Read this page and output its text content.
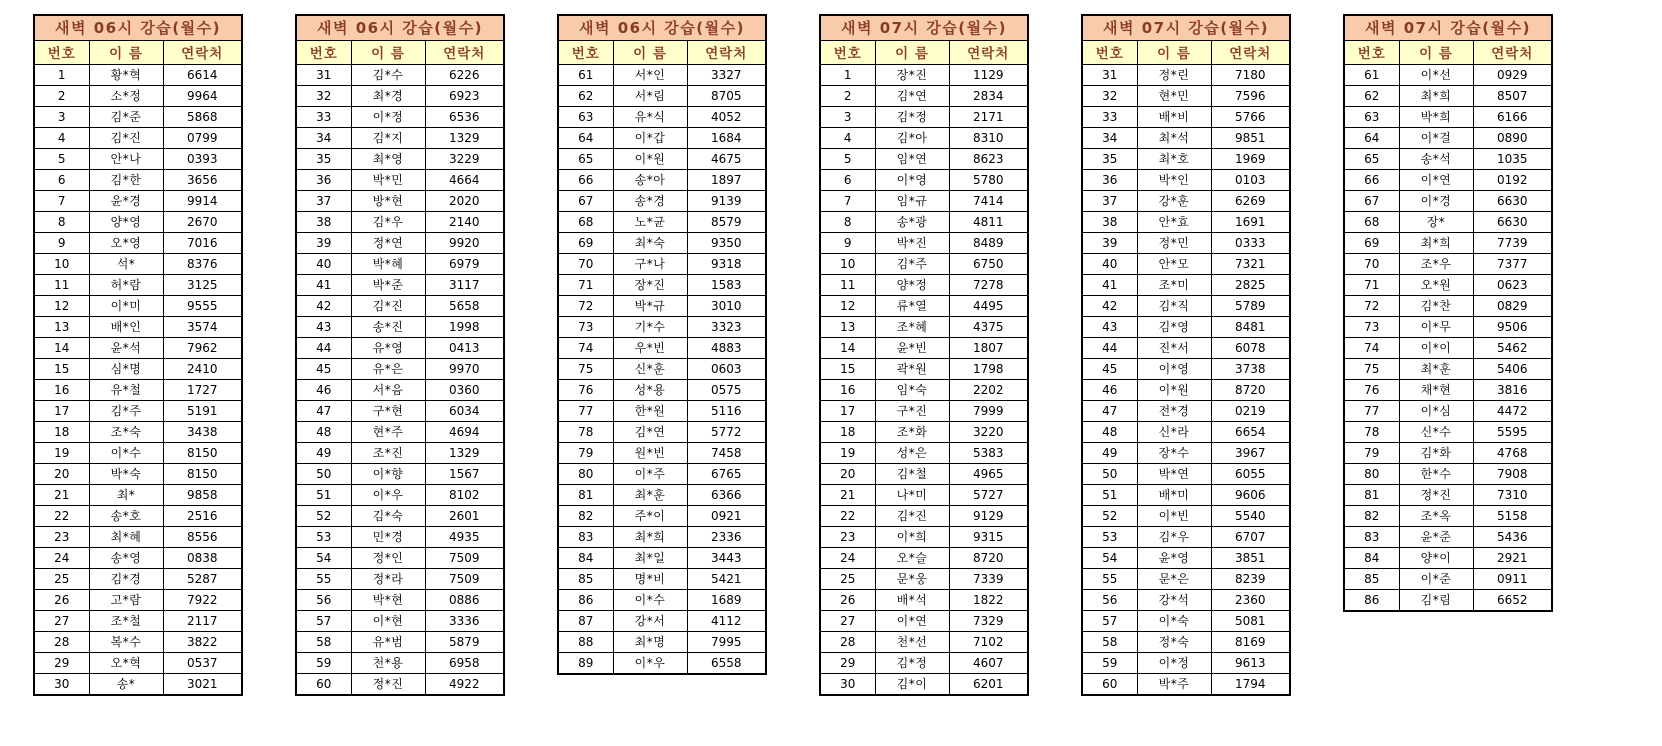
새벽 06시 강습(월수)		
번호	이 름	연락처
1	황*혁	6614
2	소*정	9964
3	김*준	5868
4	김*진	0799
5	안*나	0393
6	김*한	3656
7	윤*경	9914
8	양*영	2670
9	오*영	7016
10	석*	8376
11	허*람	3125
12	이*미	9555
13	배*인	3574
14	윤*석	7962
15	심*명	2410
16	유*철	1727
17	김*주	5191
18	조*숙	3438
19	이*수	8150
20	박*숙	8150
21	최*	9858
22	송*호	2516
23	최*혜	8556
24	송*영	0838
25	김*경	5287
26	고*람	7922
27	조*철	2117
28	복*수	3822
29	오*혁	0537
30	송*	3021
새벽 06시 강습(월수)		
번호	이 름	연락처
31	김*수	6226
32	최*경	6923
33	이*정	6536
34	김*지	1329
35	최*영	3229
36	박*민	4664
37	방*현	2020
38	김*우	2140
39	정*연	9920
40	박*혜	6979
41	박*준	3117
42	김*진	5658
43	송*진	1998
44	유*영	0413
45	유*은	9970
46	서*음	0360
47	구*현	6034
48	현*주	4694
49	조*진	1329
50	이*향	1567
51	이*우	8102
52	김*숙	2601
53	민*경	4935
54	정*인	7509
55	정*라	7509
56	박*현	0886
57	이*현	3336
58	유*범	5879
59	천*용	6958
60	정*진	4922
새벽 06시 강습(월수)		
번호	이 름	연락처
61	서*인	3327
62	서*림	8705
63	유*식	4052
64	이*갑	1684
65	이*원	4675
66	송*아	1897
67	송*경	9139
68	노*균	8579
69	최*숙	9350
70	구*나	9318
71	장*진	1583
72	박*규	3010
73	기*수	3323
74	우*빈	4883
75	신*훈	0603
76	성*용	0575
77	한*원	5116
78	김*연	5772
79	원*빈	7458
80	이*주	6765
81	최*훈	6366
82	주*이	0921
83	최*희	2336
84	최*일	3443
85	명*비	5421
86	이*수	1689
87	강*서	4112
88	최*명	7995
89	이*우	6558
새벽 07시 강습(월수)		
번호	이 름	연락처
1	장*진	1129
2	김*연	2834
3	김*정	2171
4	김*아	8310
5	임*연	8623
6	이*영	5780
7	임*규	7414
8	송*광	4811
9	박*진	8489
10	김*주	6750
11	양*정	7278
12	류*열	4495
13	조*혜	4375
14	윤*빈	1807
15	곽*원	1798
16	임*숙	2202
17	구*진	7999
18	조*화	3220
19	성*은	5383
20	김*철	4965
21	나*미	5727
22	김*진	9129
23	이*희	9315
24	오*슬	8720
25	문*웅	7339
26	배*석	1822
27	이*연	7329
28	천*선	7102
29	김*정	4607
30	김*이	6201
새벽 07시 강습(월수)		
번호	이 름	연락처
31	정*린	7180
32	현*민	7596
33	배*비	5766
34	최*석	9851
35	최*호	1969
36	박*인	0103
37	강*훈	6269
38	안*효	1691
39	정*민	0333
40	안*모	7321
41	조*미	2825
42	김*직	5789
43	김*영	8481
44	진*서	6078
45	이*영	3738
46	이*원	8720
47	전*경	0219
48	신*라	6654
49	장*수	3967
50	박*연	6055
51	배*미	9606
52	이*빈	5540
53	김*우	6707
54	윤*영	3851
55	문*은	8239
56	강*석	2360
57	이*숙	5081
58	정*숙	8169
59	이*정	9613
60	박*주	1794
새벽 07시 강습(월수)		
번호	이 름	연락처
61	이*선	0929
62	최*희	8507
63	박*희	6166
64	이*걸	0890
65	송*석	1035
66	이*연	0192
67	이*경	6630
68	장*	6630
69	최*희	7739
70	조*우	7377
71	오*원	0623
72	김*찬	0829
73	이*무	9506
74	이*이	5462
75	최*훈	5406
76	채*현	3816
77	이*심	4472
78	신*수	5595
79	김*화	4768
80	한*수	7908
81	정*진	7310
82	조*옥	5158
83	윤*준	5436
84	양*이	2921
85	이*준	0911
86	김*림	6652
